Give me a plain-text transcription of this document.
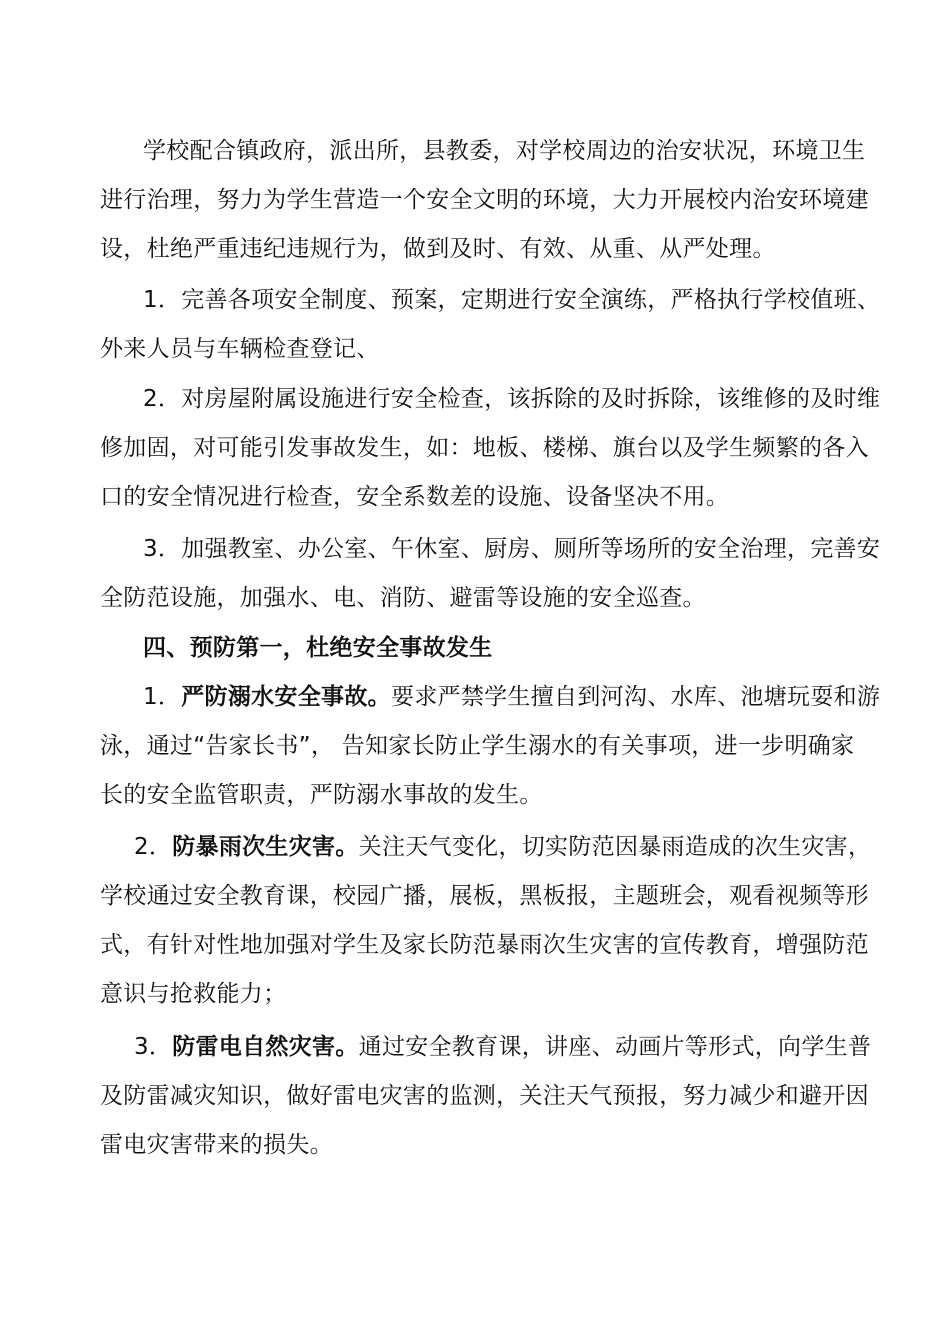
学校配合镇政府，派出所，县教委，对学校周边的治安状况，环境卫生
进行治理，努力为学生营造一个安全文明的环境，大力开展校内治安环境建
设，杜绝严重违纪违规行为，做到及时、有效、从重、从严处理。
1．完善各项安全制度、预案，定期进行安全演练，严格执行学校值班、
外来人员与车辆检查登记、
2．对房屋附属设施进行安全检查，该拆除的及时拆除，该维修的及时维
修加固，对可能引发事故发生，如：地板、楼梯、旗台以及学生频繁的各入
口的安全情况进行检查，安全系数差的设施、设备坚决不用。
3．加强教室、办公室、午休室、厨房、厕所等场所的安全治理，完善安
全防范设施，加强水、电、消防、避雷等设施的安全巡查。
四、预防第一，杜绝安全事故发生
1．严防溺水安全事故。要求严禁学生擅自到河沟、水库、池塘玩耍和游
泳，通过“告家长书”， 告知家长防止学生溺水的有关事项，进一步明确家
长的安全监管职责，严防溺水事故的发生。
2．防暴雨次生灾害。关注天气变化，切实防范因暴雨造成的次生灾害，
学校通过安全教育课，校园广播，展板，黑板报，主题班会，观看视频等形
式，有针对性地加强对学生及家长防范暴雨次生灾害的宣传教育，增强防范
意识与抢救能力；
3．防雷电自然灾害。通过安全教育课，讲座、动画片等形式，向学生普
及防雷减灾知识，做好雷电灾害的监测，关注天气预报，努力减少和避开因
雷电灾害带来的损失。
